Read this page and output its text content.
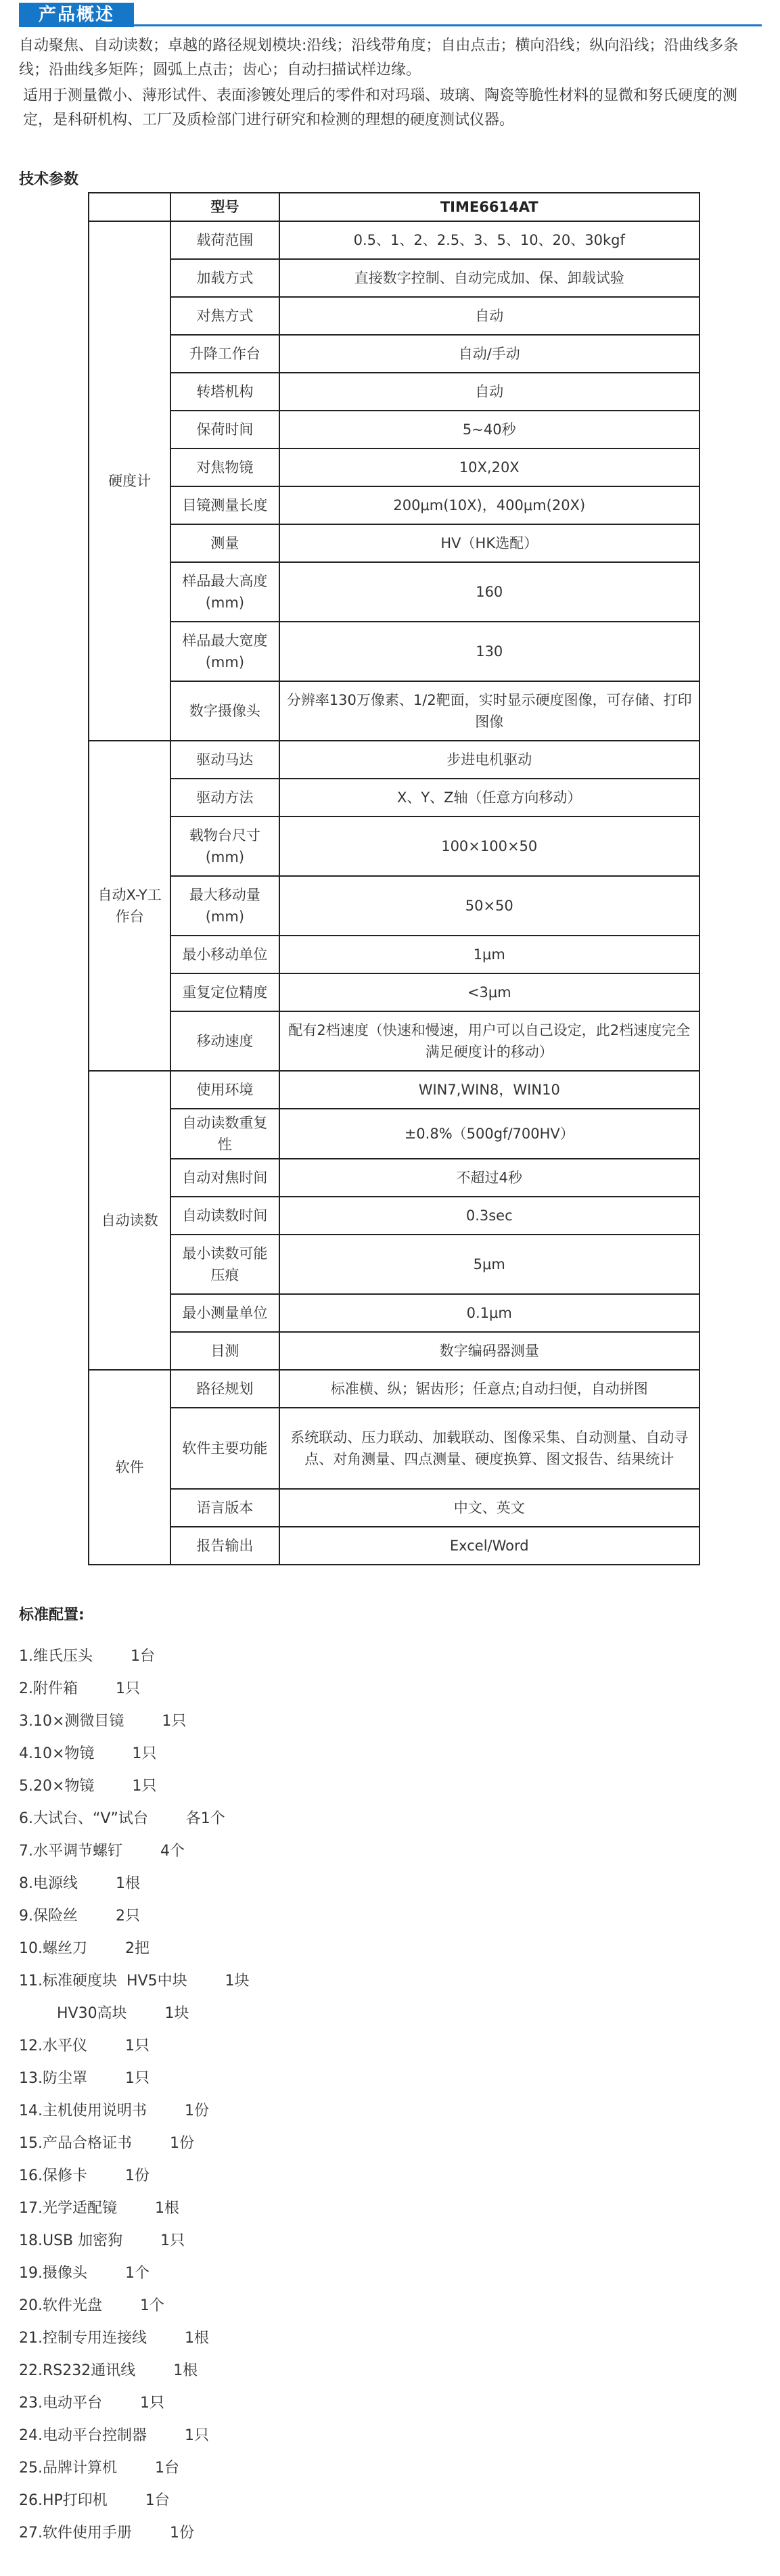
产品概述

自动聚焦、自动读数；卓越的路径规划模块:沿线；沿线带角度；自由点击；横向沿线；纵向沿线；沿曲线多条线；沿曲线多矩阵；圆弧上点击；齿心；自动扫描试样边缘。

适用于测量微小、薄形试件、表面渗镀处理后的零件和对玛瑙、玻璃、陶瓷等脆性材料的显微和努氏硬度的测定，是科研机构、工厂及质检部门进行研究和检测的理想的硬度测试仪器。

技术参数
	型号	TIME6614AT
硬度计	载荷范围	0.5、1、2、2.5、3、5、10、20、30kgf
	加载方式	直接数字控制、自动完成加、保、卸载试验
	对焦方式	自动
	升降工作台	自动/手动
	转塔机构	自动
	保荷时间	5~40秒
	对焦物镜	10X,20X
	目镜测量长度	200μm(10X)，400μm(20X)
	测量	HV（HK选配）
	样品最大高度(mm)	160
	样品最大宽度(mm)	130
	数字摄像头	分辨率130万像素、1/2靶面，实时显示硬度图像，可存储、打印图像
自动X-Y工作台	驱动马达	步进电机驱动
	驱动方法	X、Y、Z轴（任意方向移动）
	载物台尺寸(mm)	100×100×50
	最大移动量(mm)	50×50
	最小移动单位	1μm
	重复定位精度	<3μm
	移动速度	配有2档速度（快速和慢速，用户可以自己设定，此2档速度完全满足硬度计的移动）
自动读数	使用环境	WIN7,WIN8，WIN10
	自动读数重复性	±0.8%（500gf/700HV）
	自动对焦时间	不超过4秒
	自动读数时间	0.3sec
	最小读数可能压痕	5μm
	最小测量单位	0.1μm
	目测	数字编码器测量
软件	路径规划	标准横、纵；锯齿形；任意点;自动扫便，自动拼图
	软件主要功能	系统联动、压力联动、加载联动、图像采集、自动测量、自动寻点、对角测量、四点测量、硬度换算、图文报告、结果统计
	语言版本	中文、英文
	报告输出	Excel/Word
标准配置:
1.维氏压头	1台
2.附件箱	1只
3.10×测微目镜	1只
4.10×物镜	1只
5.20×物镜	1只
6.大试台、“V”试台	各1个
7.水平调节螺钉	4个
8.电源线	1根
9.保险丝	2只
10.螺丝刀	2把
11.标准硬度块  HV5中块	1块
HV30高块	1块
12.水平仪	1只
13.防尘罩	1只
14.主机使用说明书	1份
15.产品合格证书	1份
16.保修卡	1份
17.光学适配镜	1根
18.USB 加密狗	1只
19.摄像头	1个
20.软件光盘	1个
21.控制专用连接线	1根
22.RS232通讯线	1根
23.电动平台	1只
24.电动平台控制器	1只
25.品牌计算机	1台
26.HP打印机	1台
27.软件使用手册	1份
